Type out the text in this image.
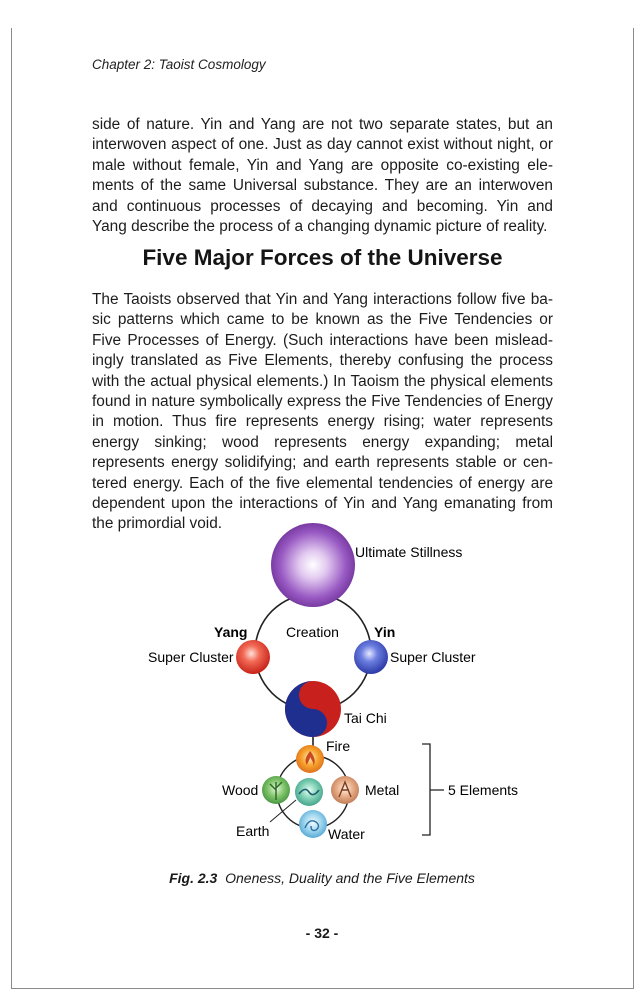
Chapter 2: Taoist Cosmology
side of nature. Yin and Yang are not two separate states, but an interwoven aspect of one. Just as day cannot exist without night, or male without female, Yin and Yang are opposite co-existing elements of the same Universal substance. They are an interwoven and continuous processes of decaying and becoming. Yin and Yang describe the process of a changing dynamic picture of reality.
Five Major Forces of the Universe
The Taoists observed that Yin and Yang interactions follow five basic patterns which came to be known as the Five Tendencies or Five Processes of Energy. (Such interactions have been misleadingly translated as Five Elements, thereby confusing the process with the actual physical elements.) In Taoism the physical elements found in nature symbolically express the Five Tendencies of Energy in motion. Thus fire represents energy rising; water represents energy sinking; wood represents energy expanding; metal represents energy solidifying; and earth represents stable or centered energy. Each of the five elemental tendencies of energy are dependent upon the interactions of Yin and Yang emanating from the primordial void.
Ultimate Stillness
Yang	Creation	Yin
Super Cluster	Super Cluster
Tai Chi
Fire
Wood
Earth
Metal
Water
5 Elements
Fig. 2.3 Oneness, Duality and the Five Elements
- 32 -
